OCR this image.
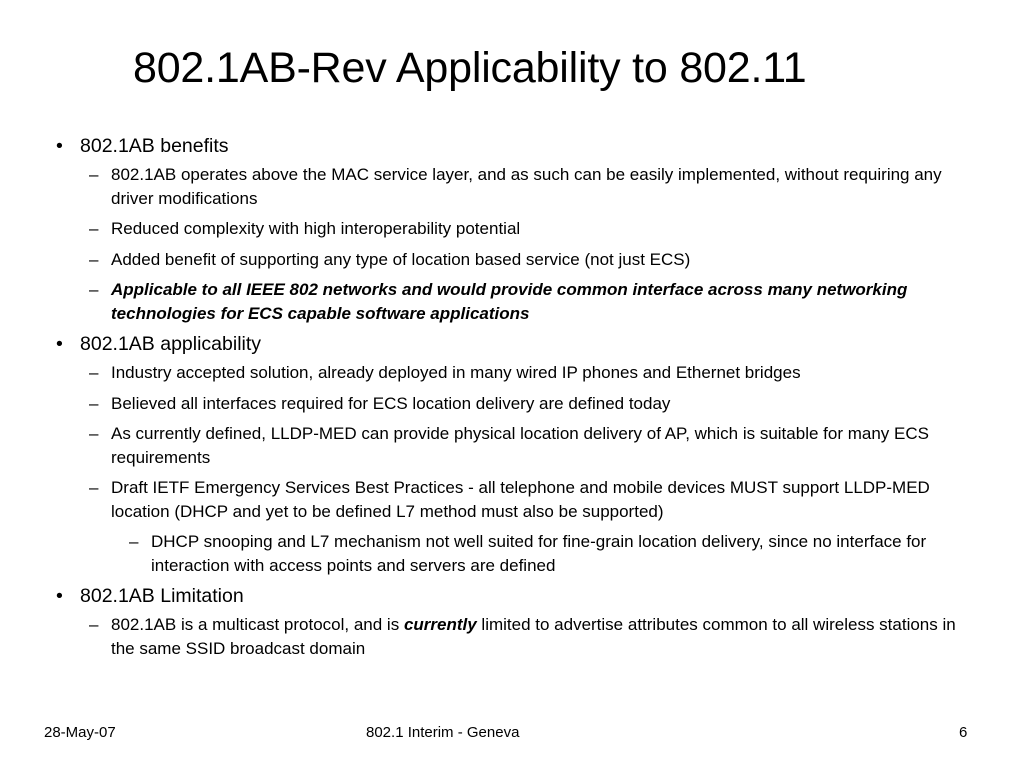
802.1AB-Rev Applicability to 802.11
• 802.1AB benefits
– 802.1AB operates above the MAC service layer, and as such can be easily implemented, without requiring any driver modifications
– Reduced complexity with high interoperability potential
– Added benefit of supporting any type of location based service (not just ECS)
– Applicable to all IEEE 802 networks and would provide common interface across many networking technologies for ECS capable software applications
• 802.1AB applicability
– Industry accepted solution, already deployed in many wired IP phones and Ethernet bridges
– Believed all interfaces required for ECS location delivery are defined today
– As currently defined, LLDP-MED can provide physical location delivery of AP, which is suitable for many ECS requirements
– Draft IETF Emergency Services Best Practices - all telephone and mobile devices MUST support LLDP-MED location (DHCP and yet to be defined L7 method must also be supported)
– DHCP snooping and L7 mechanism not well suited for fine-grain location delivery, since no interface for interaction with access points and servers are defined
• 802.1AB Limitation
– 802.1AB is a multicast protocol, and is currently limited to advertise attributes common to all wireless stations in the same SSID broadcast domain
28-May-07	802.1 Interim - Geneva	6
